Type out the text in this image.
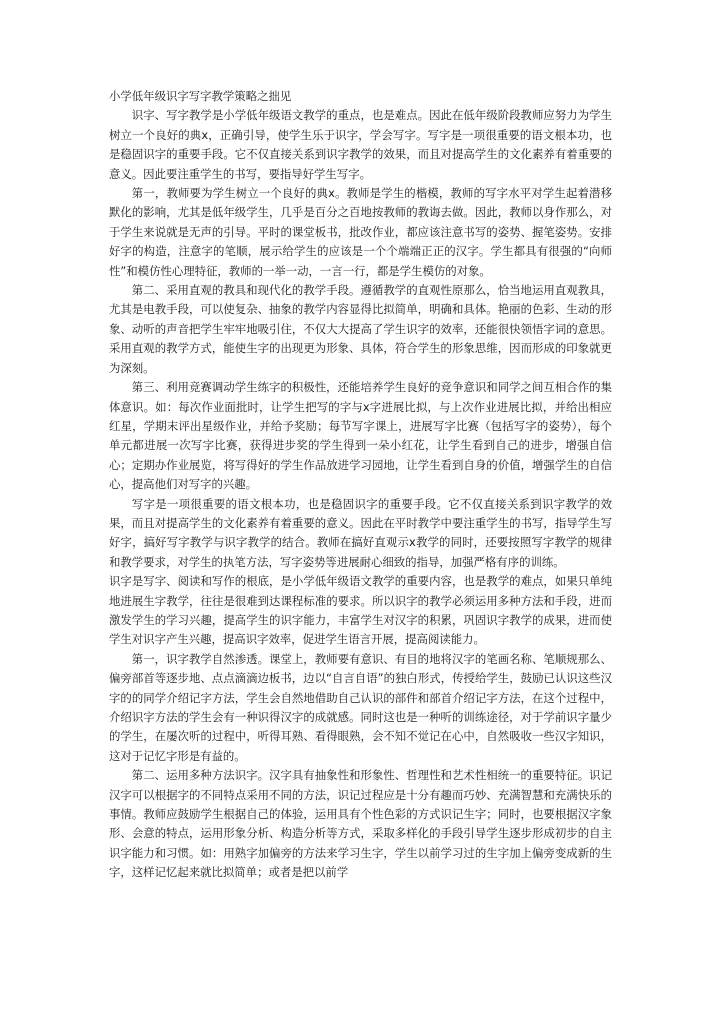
小学低年级识字写字教学策略之拙见

识字、写字教学是小学低年级语文教学的重点，也是难点。因此在低年级阶段教师应努力为学生树立一个良好的典ⅹ，正确引导，使学生乐于识字，学会写字。写字是一项很重要的语文根本功，也是稳固识字的重要手段。它不仅直接关系到识字教学的效果，而且对提高学生的文化素养有着重要的意义。因此要注重学生的书写，要指导好学生写字。

第一，教师要为学生树立一个良好的典ⅹ。教师是学生的楷模，教师的写字水平对学生起着潜移默化的影响，尤其是低年级学生，几乎是百分之百地按教师的教诲去做。因此，教师以身作那么，对于学生来说就是无声的引导。平时的课堂板书，批改作业，都应该注意书写的姿势、握笔姿势。安排好字的构造，注意字的笔顺，展示给学生的应该是一个个端端正正的汉字。学生都具有很强的“向师性”和模仿性心理特征，教师的一举一动，一言一行，都是学生模仿的对象。

第二、采用直观的教具和现代化的教学手段。遵循教学的直观性原那么，恰当地运用直观教具，尤其是电教手段，可以使复杂、抽象的教学内容显得比拟简单，明确和具体。艳丽的色彩、生动的形象、动听的声音把学生牢牢地吸引住，不仅大大提高了学生识字的效率，还能很快领悟字词的意思。采用直观的教学方式，能使生字的出现更为形象、具体，符合学生的形象思维，因而形成的印象就更为深刻。

第三、利用竞赛调动学生练字的积极性，还能培养学生良好的竞争意识和同学之间互相合作的集体意识。如：每次作业面批时，让学生把写的字与ⅹ字进展比拟，与上次作业进展比拟，并给出相应红星，学期末评出星级作业，并给予奖励；每节写字课上，进展写字比赛（包括写字的姿势），每个单元都进展一次写字比赛，获得进步奖的学生得到一朵小红花，让学生看到自己的进步，增强自信心；定期办作业展览，将写得好的学生作品放进学习园地，让学生看到自身的价值，增强学生的自信心，提高他们对写字的兴趣。

写字是一项很重要的语文根本功，也是稳固识字的重要手段。它不仅直接关系到识字教学的效果，而且对提高学生的文化素养有着重要的意义。因此在平时教学中要注重学生的书写，指导学生写好字，搞好写字教学与识字教学的结合。教师在搞好直观示ⅹ教学的同时，还要按照写字教学的规律和教学要求，对学生的执笔方法，写字姿势等进展耐心细致的指导，加强严格有序的训练。

识字是写字、阅读和写作的根底，是小学低年级语文教学的重要内容，也是教学的难点，如果只单纯地进展生字教学，往往是很难到达课程标准的要求。所以识字的教学必须运用多种方法和手段，进而激发学生的学习兴趣，提高学生的识字能力，丰富学生对汉字的积累，巩固识字教学的成果，进而使学生对识字产生兴趣，提高识字效率，促进学生语言开展，提高阅读能力。

第一，识字教学自然渗透。课堂上，教师要有意识、有目的地将汉字的笔画名称、笔顺规那么、偏旁部首等逐步地、点点滴滴边板书，边以“自言自语”的独白形式，传授给学生，鼓励已认识这些汉字的的同学介绍记字方法，学生会自然地借助自己认识的部件和部首介绍记字方法，在这个过程中，介绍识字方法的学生会有一种识得汉字的成就感。同时这也是一种听的训练途径，对于学前识字量少的学生，在屡次听的过程中，听得耳熟、看得眼熟，会不知不觉记在心中，自然吸收一些汉字知识，这对于记忆字形是有益的。

第二、运用多种方法识字。汉字具有抽象性和形象性、哲理性和艺术性相统一的重要特征。识记汉字可以根据字的不同特点采用不同的方法，识记过程应是十分有趣而巧妙、充满智慧和充满快乐的事情。教师应鼓励学生根据自己的体验，运用具有个性色彩的方式识记生字；同时，也要根据汉字象形、会意的特点，运用形象分析、构造分析等方式，采取多样化的手段引导学生逐步形成初步的自主识字能力和习惯。如：用熟字加偏旁的方法来学习生字，学生以前学习过的生字加上偏旁变成新的生字，这样记忆起来就比拟简单；或者是把以前学
